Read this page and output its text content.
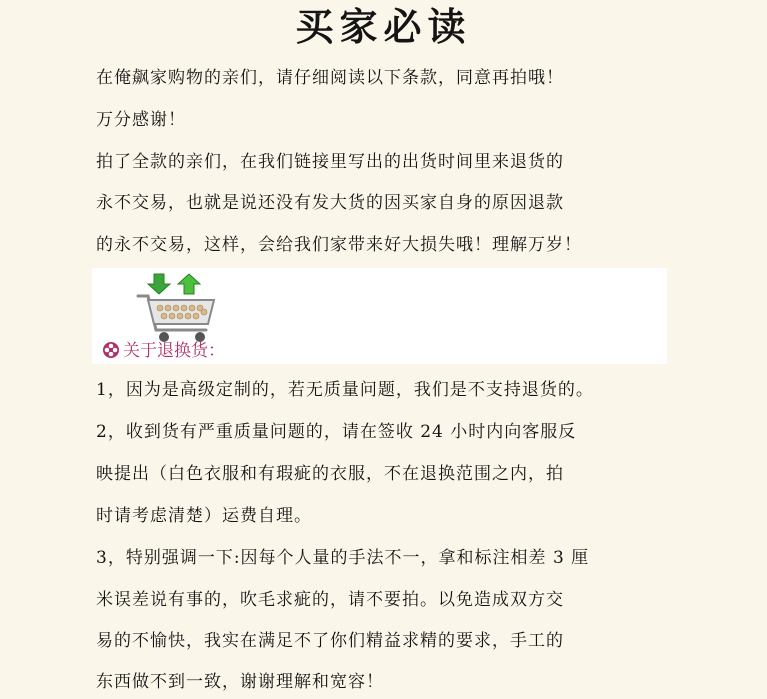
买家必读
在俺飙家购物的亲们，请仔细阅读以下条款，同意再拍哦！
万分感谢！
拍了全款的亲们，在我们链接里写出的出货时间里来退货的
永不交易，也就是说还没有发大货的因买家自身的原因退款
的永不交易，这样，会给我们家带来好大损失哦！理解万岁！
关于退换货：
1，因为是高级定制的，若无质量问题，我们是不支持退货的。
2，收到货有严重质量问题的，请在签收 24 小时内向客服反
映提出（白色衣服和有瑕疵的衣服，不在退换范围之内，拍
时请考虑清楚）运费自理。
3，特别强调一下:因每个人量的手法不一，拿和标注相差 3 厘
米误差说有事的，吹毛求疵的，请不要拍。以免造成双方交
易的不愉快，我实在满足不了你们精益求精的要求，手工的
东西做不到一致，谢谢理解和宽容！
